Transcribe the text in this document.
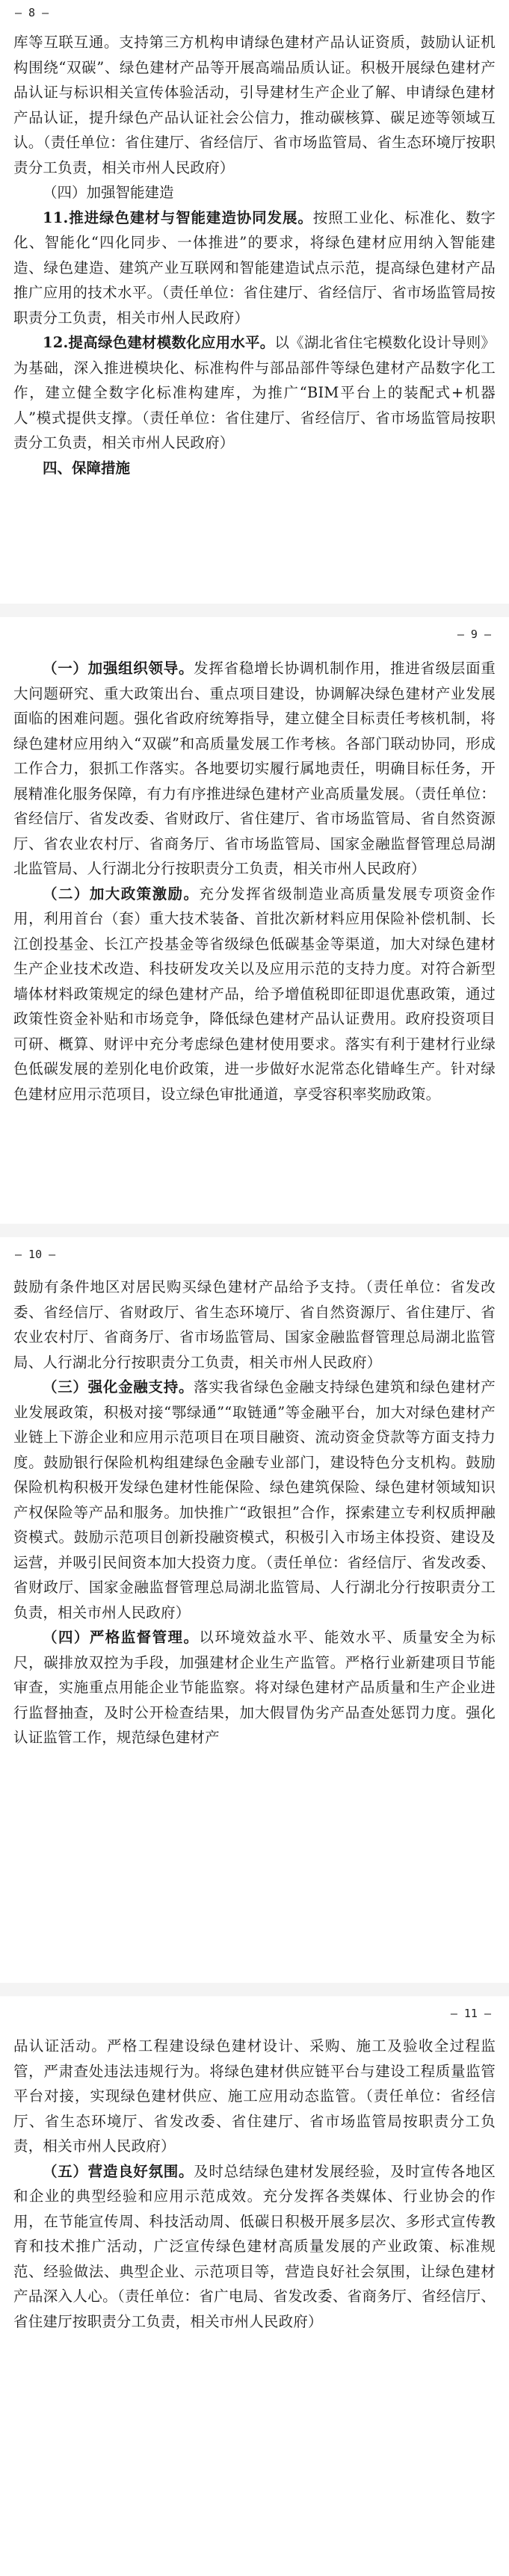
— 8 —

库等互联互通。支持第三方机构申请绿色建材产品认证资质，鼓励认证机构围绕“双碳”、绿色建材产品等开展高端品质认证。积极开展绿色建材产品认证与标识相关宣传体验活动，引导建材生产企业了解、申请绿色建材产品认证，提升绿色产品认证社会公信力，推动碳核算、碳足迹等领域互认。（责任单位：省住建厅、省经信厅、省市场监管局、省生态环境厅按职责分工负责，相关市州人民政府）

（四）加强智能建造

11.推进绿色建材与智能建造协同发展。按照工业化、标准化、数字化、智能化“四化同步、一体推进”的要求，将绿色建材应用纳入智能建造、绿色建造、建筑产业互联网和智能建造试点示范，提高绿色建材产品推广应用的技术水平。（责任单位：省住建厅、省经信厅、省市场监管局按职责分工负责，相关市州人民政府）

12.提高绿色建材模数化应用水平。以《湖北省住宅模数化设计导则》为基础，深入推进模块化、标准构件与部品部件等绿色建材产品数字化工作，建立健全数字化标准构建库，为推广“BIM平台上的装配式+机器人”模式提供支撑。（责任单位：省住建厅、省经信厅、省市场监管局按职责分工负责，相关市州人民政府）

四、保障措施
— 9 —

（一）加强组织领导。发挥省稳增长协调机制作用，推进省级层面重大问题研究、重大政策出台、重点项目建设，协调解决绿色建材产业发展面临的困难问题。强化省政府统筹指导，建立健全目标责任考核机制，将绿色建材应用纳入“双碳”和高质量发展工作考核。各部门联动协同，形成工作合力，狠抓工作落实。各地要切实履行属地责任，明确目标任务，开展精准化服务保障，有力有序推进绿色建材产业高质量发展。（责任单位：省经信厅、省发改委、省财政厅、省住建厅、省市场监管局、省自然资源厅、省农业农村厅、省商务厅、省市场监管局、国家金融监督管理总局湖北监管局、人行湖北分行按职责分工负责，相关市州人民政府）

（二）加大政策激励。充分发挥省级制造业高质量发展专项资金作用，利用首台（套）重大技术装备、首批次新材料应用保险补偿机制、长江创投基金、长江产投基金等省级绿色低碳基金等渠道，加大对绿色建材生产企业技术改造、科技研发攻关以及应用示范的支持力度。对符合新型墙体材料政策规定的绿色建材产品，给予增值税即征即退优惠政策，通过政策性资金补贴和市场竞争，降低绿色建材产品认证费用。政府投资项目可研、概算、财评中充分考虑绿色建材使用要求。落实有利于建材行业绿色低碳发展的差别化电价政策，进一步做好水泥常态化错峰生产。针对绿色建材应用示范项目，设立绿色审批通道，享受容积率奖励政策。

— 10 —

鼓励有条件地区对居民购买绿色建材产品给予支持。（责任单位：省发改委、省经信厅、省财政厅、省生态环境厅、省自然资源厅、省住建厅、省农业农村厅、省商务厅、省市场监管局、国家金融监督管理总局湖北监管局、人行湖北分行按职责分工负责，相关市州人民政府）

（三）强化金融支持。落实我省绿色金融支持绿色建筑和绿色建材产业发展政策，积极对接“鄂绿通”“取链通”等金融平台，加大对绿色建材产业链上下游企业和应用示范项目在项目融资、流动资金贷款等方面支持力度。鼓励银行保险机构组建绿色金融专业部门，建设特色分支机构。鼓励保险机构积极开发绿色建材性能保险、绿色建筑保险、绿色建材领域知识产权保险等产品和服务。加快推广“政银担”合作，探索建立专利权质押融资模式。鼓励示范项目创新投融资模式，积极引入市场主体投资、建设及运营，并吸引民间资本加大投资力度。（责任单位：省经信厅、省发改委、省财政厅、国家金融监督管理总局湖北监管局、人行湖北分行按职责分工负责，相关市州人民政府）

（四）严格监督管理。以环境效益水平、能效水平、质量安全为标尺，碳排放双控为手段，加强建材企业生产监管。严格行业新建项目节能审查，实施重点用能企业节能监察。将对绿色建材产品质量和生产企业进行监督抽查，及时公开检查结果，加大假冒伪劣产品查处惩罚力度。强化认证监管工作，规范绿色建材产

— 11 —

品认证活动。严格工程建设绿色建材设计、采购、施工及验收全过程监管，严肃查处违法违规行为。将绿色建材供应链平台与建设工程质量监管平台对接，实现绿色建材供应、施工应用动态监管。（责任单位：省经信厅、省生态环境厅、省发改委、省住建厅、省市场监管局按职责分工负责，相关市州人民政府）

（五）营造良好氛围。及时总结绿色建材发展经验，及时宣传各地区和企业的典型经验和应用示范成效。充分发挥各类媒体、行业协会的作用，在节能宣传周、科技活动周、低碳日积极开展多层次、多形式宣传教育和技术推广活动，广泛宣传绿色建材高质量发展的产业政策、标准规范、经验做法、典型企业、示范项目等，营造良好社会氛围，让绿色建材产品深入人心。（责任单位：省广电局、省发改委、省商务厅、省经信厅、省住建厅按职责分工负责，相关市州人民政府）
